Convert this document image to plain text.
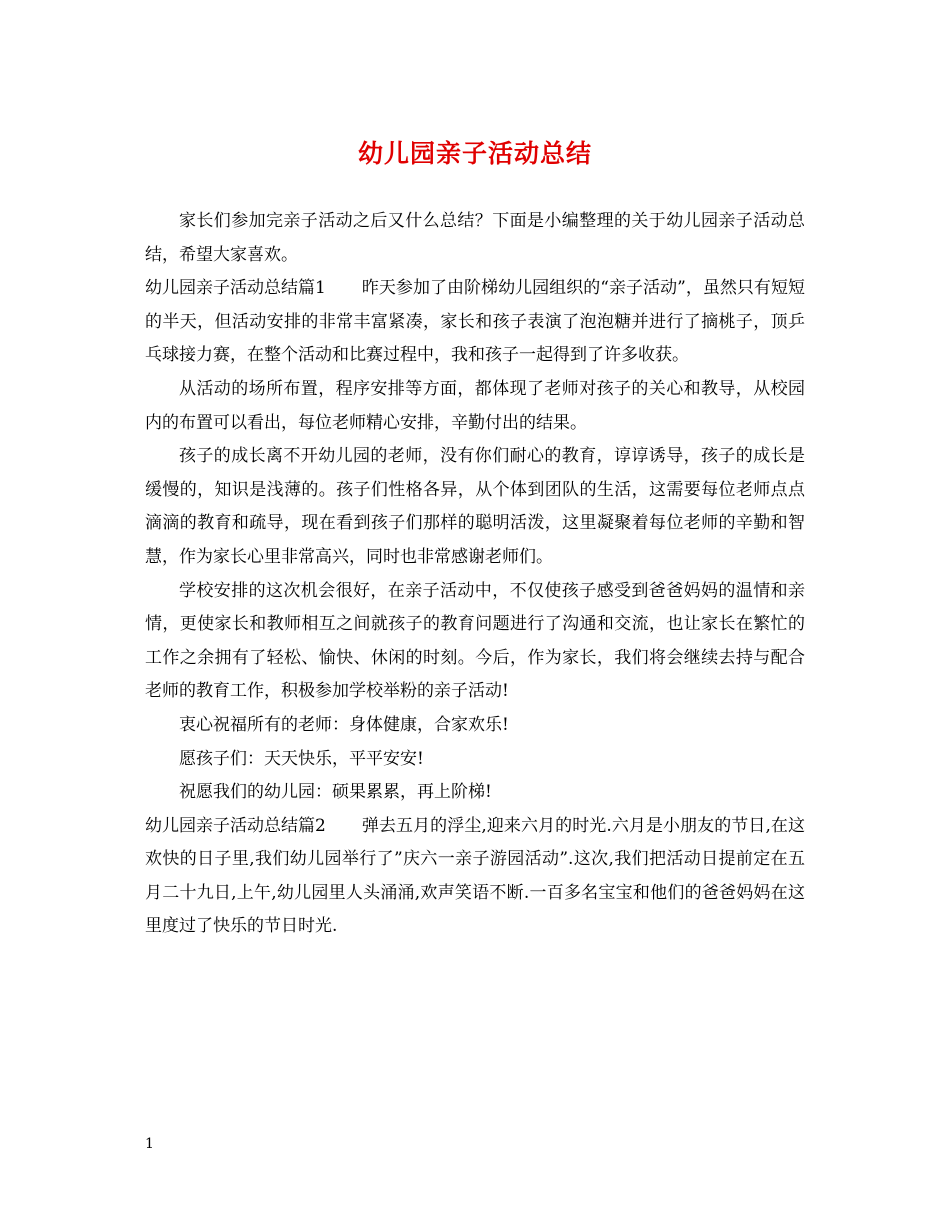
幼儿园亲子活动总结

家长们参加完亲子活动之后又什么总结？下面是小编整理的关于幼儿园亲子活动总结，希望大家喜欢。

幼儿园亲子活动总结篇1 昨天参加了由阶梯幼儿园组织的“亲子活动”，虽然只有短短的半天，但活动安排的非常丰富紧凑，家长和孩子表演了泡泡糖并进行了摘桃子，顶乒乓球接力赛，在整个活动和比赛过程中，我和孩子一起得到了许多收获。

从活动的场所布置，程序安排等方面，都体现了老师对孩子的关心和教导，从校园内的布置可以看出，每位老师精心安排，辛勤付出的结果。

孩子的成长离不开幼儿园的老师，没有你们耐心的教育，谆谆诱导，孩子的成长是缓慢的，知识是浅薄的。孩子们性格各异，从个体到团队的生活，这需要每位老师点点滴滴的教育和疏导，现在看到孩子们那样的聪明活泼，这里凝聚着每位老师的辛勤和智慧，作为家长心里非常高兴，同时也非常感谢老师们。

学校安排的这次机会很好，在亲子活动中，不仅使孩子感受到爸爸妈妈的温情和亲情，更使家长和教师相互之间就孩子的教育问题进行了沟通和交流，也让家长在繁忙的工作之余拥有了轻松、愉快、休闲的时刻。今后，作为家长，我们将会继续去持与配合老师的教育工作，积极参加学校举粉的亲子活动!

衷心祝福所有的老师：身体健康，合家欢乐!

愿孩子们：天天快乐，平平安安!

祝愿我们的幼儿园：硕果累累，再上阶梯!

幼儿园亲子活动总结篇2 弹去五月的浮尘,迎来六月的时光.六月是小朋友的节日,在这欢快的日子里,我们幼儿园举行了”庆六一亲子游园活动”.这次,我们把活动日提前定在五月二十九日,上午,幼儿园里人头涌涌,欢声笑语不断.一百多名宝宝和他们的爸爸妈妈在这里度过了快乐的节日时光.

1
